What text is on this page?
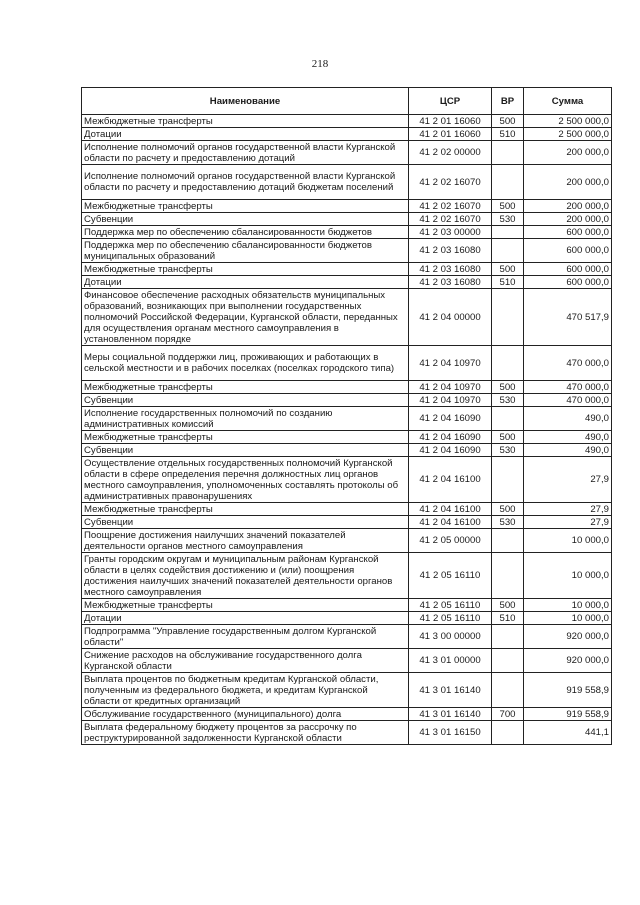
218
Наименование	ЦСР	ВР	Сумма
Межбюджетные трансферты	41 2 01 16060	500	2 500 000,0
Дотации	41 2 01 16060	510	2 500 000,0
Исполнение полномочий органов государственной власти Курганской области по расчету и предоставлению дотаций	41 2 02 00000		200 000,0
Исполнение полномочий органов государственной власти Курганской области по расчету и предоставлению дотаций бюджетам поселений	41 2 02 16070		200 000,0
Межбюджетные трансферты	41 2 02 16070	500	200 000,0
Субвенции	41 2 02 16070	530	200 000,0
Поддержка мер по обеспечению сбалансированности бюджетов	41 2 03 00000		600 000,0
Поддержка мер по обеспечению сбалансированности бюджетов муниципальных образований	41 2 03 16080		600 000,0
Межбюджетные трансферты	41 2 03 16080	500	600 000,0
Дотации	41 2 03 16080	510	600 000,0
Финансовое обеспечение расходных обязательств муниципальных образований, возникающих при выполнении государственных полномочий Российской Федерации, Курганской области, переданных для осуществления органам местного самоуправления в установленном порядке	41 2 04 00000		470 517,9
Меры социальной поддержки лиц, проживающих и работающих в сельской местности и в рабочих поселках (поселках городского типа)	41 2 04 10970		470 000,0
Межбюджетные трансферты	41 2 04 10970	500	470 000,0
Субвенции	41 2 04 10970	530	470 000,0
Исполнение государственных полномочий по созданию административных комиссий	41 2 04 16090		490,0
Межбюджетные трансферты	41 2 04 16090	500	490,0
Субвенции	41 2 04 16090	530	490,0
Осуществление отдельных государственных полномочий Курганской области в сфере определения перечня должностных лиц органов местного самоуправления, уполномоченных составлять протоколы об административных правонарушениях	41 2 04 16100		27,9
Межбюджетные трансферты	41 2 04 16100	500	27,9
Субвенции	41 2 04 16100	530	27,9
Поощрение достижения наилучших значений показателей деятельности органов местного самоуправления	41 2 05 00000		10 000,0
Гранты городским округам и муниципальным районам Курганской области в целях содействия достижению и (или) поощрения достижения наилучших значений показателей деятельности органов местного самоуправления	41 2 05 16110		10 000,0
Межбюджетные трансферты	41 2 05 16110	500	10 000,0
Дотации	41 2 05 16110	510	10 000,0
Подпрограмма "Управление государственным долгом Курганской области"	41 3 00 00000		920 000,0
Снижение расходов на обслуживание государственного долга Курганской области	41 3 01 00000		920 000,0
Выплата процентов по бюджетным кредитам Курганской области, полученным из федерального бюджета, и кредитам Курганской области от кредитных организаций	41 3 01 16140		919 558,9
Обслуживание государственного (муниципального) долга	41 3 01 16140	700	919 558,9
Выплата федеральному бюджету процентов за рассрочку по реструктурированной задолженности Курганской области	41 3 01 16150		441,1
